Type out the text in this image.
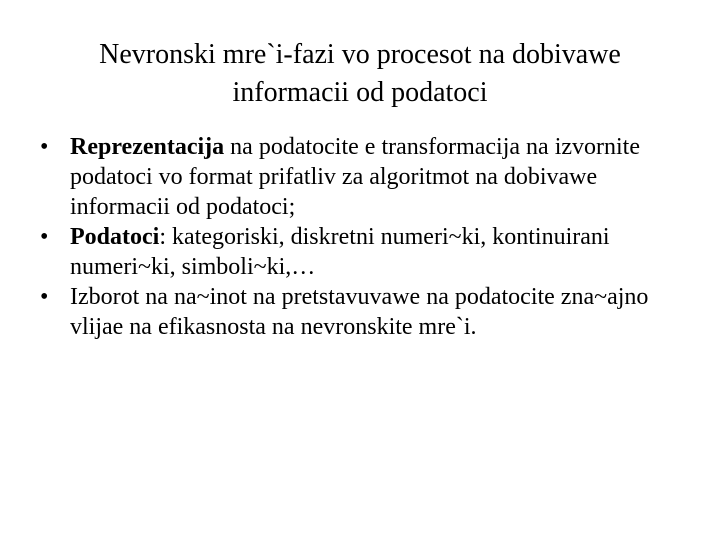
Nevronski mre`i-fazi vo procesot na dobivawe
informacii od podatoci
• Reprezentacija na podatocite e transformacija na izvornite podatoci vo format prifatliv za algoritmot na dobivawe informacii od podatoci;
• Podatoci: kategoriski, diskretni numeri~ki, kontinuirani numeri~ki, simboli~ki,…
• Izborot na na~inot na pretstavuvawe na podatocite zna~ajno vlijae na efikasnosta na nevronskite mre`i.
